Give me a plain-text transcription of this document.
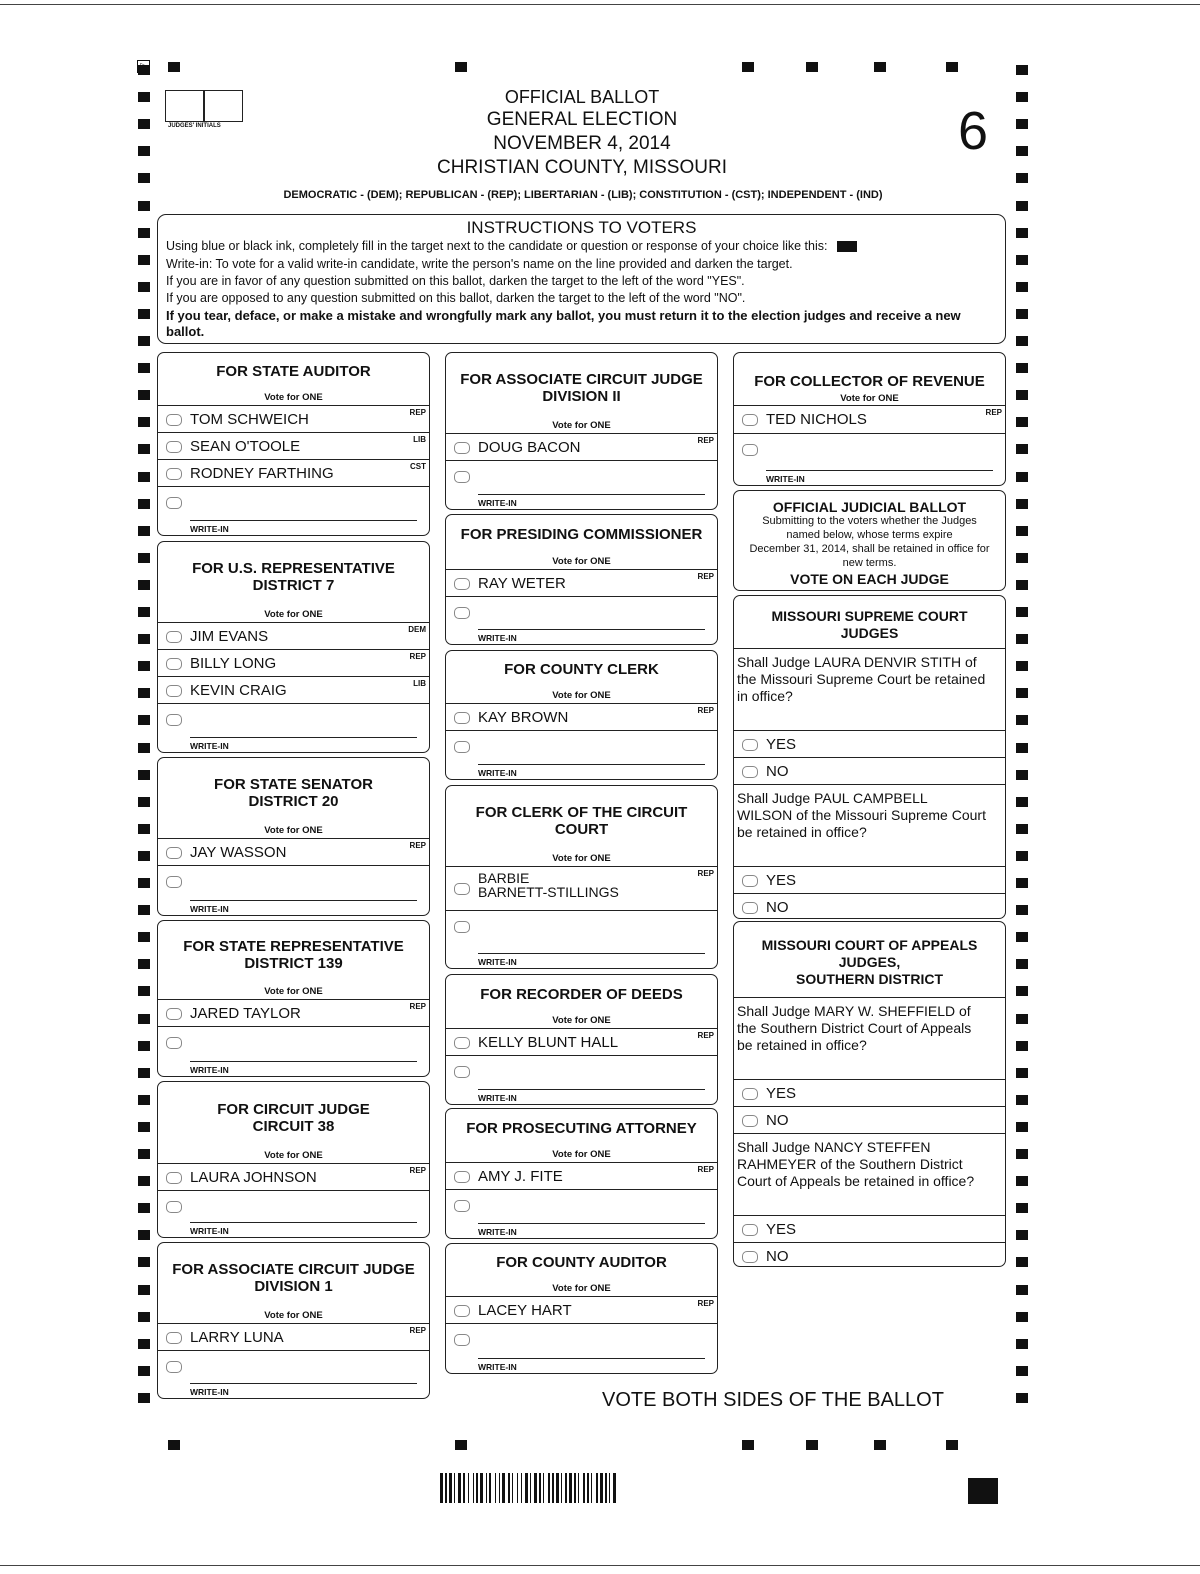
▷
JUDGES' INITIALS
OFFICIAL BALLOT
GENERAL ELECTION
NOVEMBER 4, 2014
CHRISTIAN COUNTY, MISSOURI
6
DEMOCRATIC - (DEM); REPUBLICAN - (REP); LIBERTARIAN - (LIB); CONSTITUTION - (CST); INDEPENDENT - (IND)
INSTRUCTIONS TO VOTERS
Using blue or black ink, completely fill in the target next to the candidate or question or response of your choice like this:
Write-in: To vote for a valid write-in candidate, write the person's name on the line provided and darken the target.
If you are in favor of any question submitted on this ballot, darken the target to the left of the word "YES".
If you are opposed to any question submitted on this ballot, darken the target to the left of the word "NO".
If you tear, deface, or make a mistake and wrongfully mark any ballot, you must return it to the election judges and receive a new ballot.
FOR STATE AUDITOR
Vote for ONE
TOM SCHWEICH	REP
SEAN O'TOOLE	LIB
RODNEY FARTHING	CST
WRITE-IN
FOR U.S. REPRESENTATIVE
DISTRICT 7
Vote for ONE
JIM EVANS	DEM
BILLY LONG	REP
KEVIN CRAIG	LIB
WRITE-IN
FOR STATE SENATOR
DISTRICT 20
Vote for ONE
JAY WASSON	REP
WRITE-IN
FOR STATE REPRESENTATIVE
DISTRICT 139
Vote for ONE
JARED TAYLOR	REP
WRITE-IN
FOR CIRCUIT JUDGE
CIRCUIT 38
Vote for ONE
LAURA JOHNSON	REP
WRITE-IN
FOR ASSOCIATE CIRCUIT JUDGE
DIVISION 1
Vote for ONE
LARRY LUNA	REP
WRITE-IN
FOR ASSOCIATE CIRCUIT JUDGE
DIVISION II
Vote for ONE
DOUG BACON	REP
WRITE-IN
FOR PRESIDING COMMISSIONER
Vote for ONE
RAY WETER	REP
WRITE-IN
FOR COUNTY CLERK
Vote for ONE
KAY BROWN	REP
WRITE-IN
FOR CLERK OF THE CIRCUIT
COURT
Vote for ONE
BARBIE
BARNETT-STILLINGS
REP
WRITE-IN
FOR RECORDER OF DEEDS
Vote for ONE
KELLY BLUNT HALL	REP
WRITE-IN
FOR PROSECUTING ATTORNEY
Vote for ONE
AMY J. FITE	REP
WRITE-IN
FOR COUNTY AUDITOR
Vote for ONE
LACEY HART	REP
WRITE-IN
FOR COLLECTOR OF REVENUE
Vote for ONE
TED NICHOLS	REP
WRITE-IN
OFFICIAL JUDICIAL BALLOT
Submitting to the voters whether the Judges
named below, whose terms expire
December 31, 2014, shall be retained in office for
new terms.
VOTE ON EACH JUDGE
MISSOURI SUPREME COURT
JUDGES
Shall Judge LAURA DENVIR STITH of
the Missouri Supreme Court be retained
in office?
YES
NO
Shall Judge PAUL CAMPBELL
WILSON of the Missouri Supreme Court
be retained in office?
YES
NO
MISSOURI COURT OF APPEALS
JUDGES,
SOUTHERN DISTRICT
Shall Judge MARY W. SHEFFIELD of
the Southern District Court of Appeals
be retained in office?
YES
NO
Shall Judge NANCY STEFFEN
RAHMEYER of the Southern District
Court of Appeals be retained in office?
YES
NO
VOTE BOTH SIDES OF THE BALLOT
